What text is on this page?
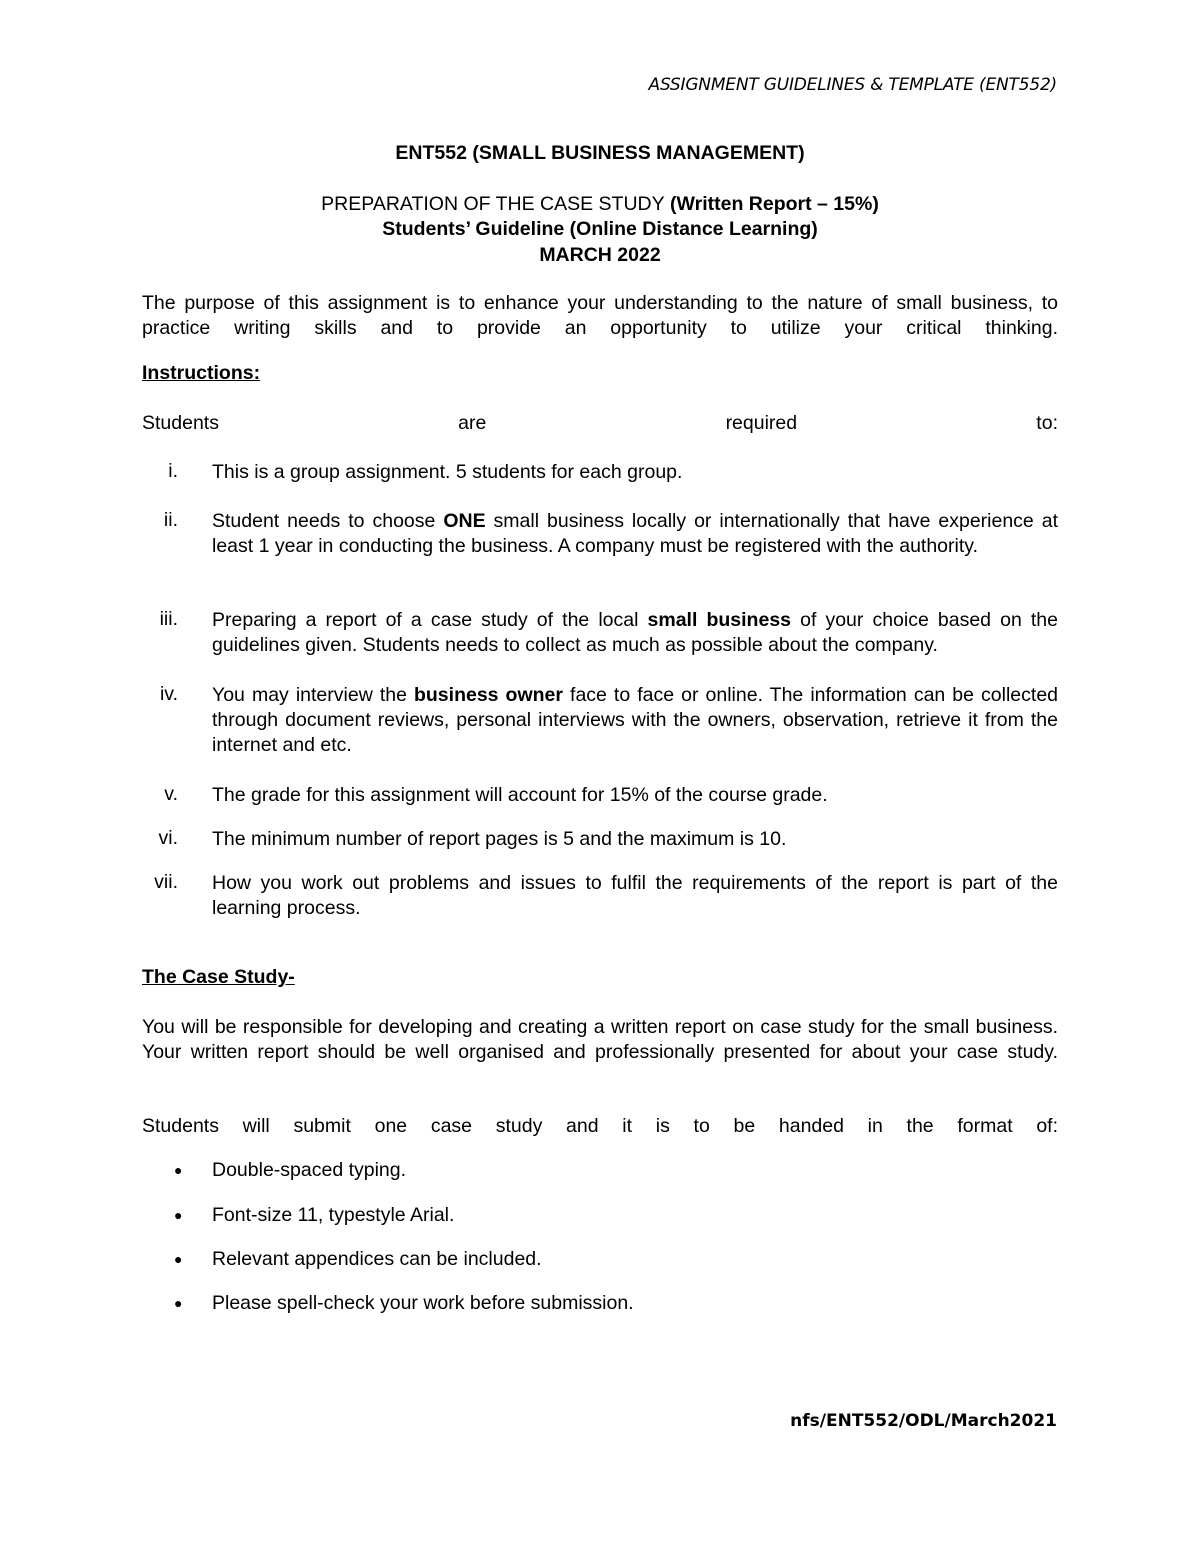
ASSIGNMENT GUIDELINES & TEMPLATE (ENT552)
ENT552 (SMALL BUSINESS MANAGEMENT)
PREPARATION OF THE CASE STUDY (Written Report – 15%)
Students’ Guideline (Online Distance Learning)
MARCH 2022
The purpose of this assignment is to enhance your understanding to the nature of small business, to practice writing skills and to provide an opportunity to utilize your critical thinking.
Instructions:
Students are required to:
i. This is a group assignment. 5 students for each group.
ii. Student needs to choose ONE small business locally or internationally that have experience at least 1 year in conducting the business. A company must be registered with the authority.
iii. Preparing a report of a case study of the local small business of your choice based on the guidelines given. Students needs to collect as much as possible about the company.
iv. You may interview the business owner face to face or online. The information can be collected through document reviews, personal interviews with the owners, observation, retrieve it from the internet and etc.
v. The grade for this assignment will account for 15% of the course grade.
vi. The minimum number of report pages is 5 and the maximum is 10.
vii. How you work out problems and issues to fulfil the requirements of the report is part of the learning process.
The Case Study-
You will be responsible for developing and creating a written report on case study for the small business. Your written report should be well organised and professionally presented for about your case study.
Students will submit one case study and it is to be handed in the format of:
● Double-spaced typing.
● Font-size 11, typestyle Arial.
● Relevant appendices can be included.
● Please spell-check your work before submission.
nfs/ENT552/ODL/March2021
